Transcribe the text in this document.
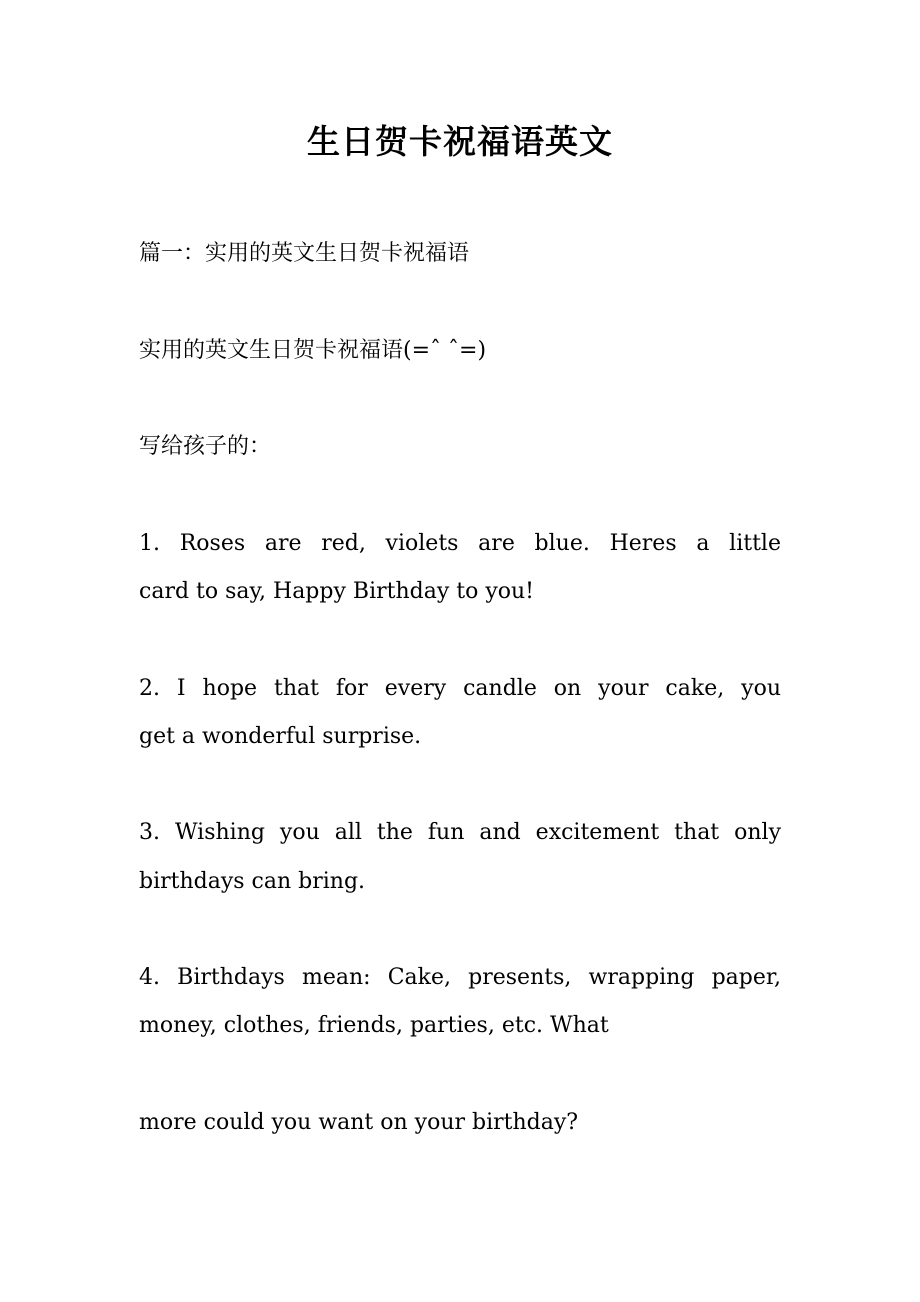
生日贺卡祝福语英文
篇一：实用的英文生日贺卡祝福语
实用的英文生日贺卡祝福语(=ˆ ˆ=)
写给孩子的：
1. Roses are red, violets are blue. Heres a little
card to say, Happy Birthday to you!
2. I hope that for every candle on your cake, you
get a wonderful surprise.
3. Wishing you all the fun and excitement that only
birthdays can bring.
4. Birthdays mean: Cake, presents, wrapping paper,
money, clothes, friends, parties, etc. What
more could you want on your birthday?
